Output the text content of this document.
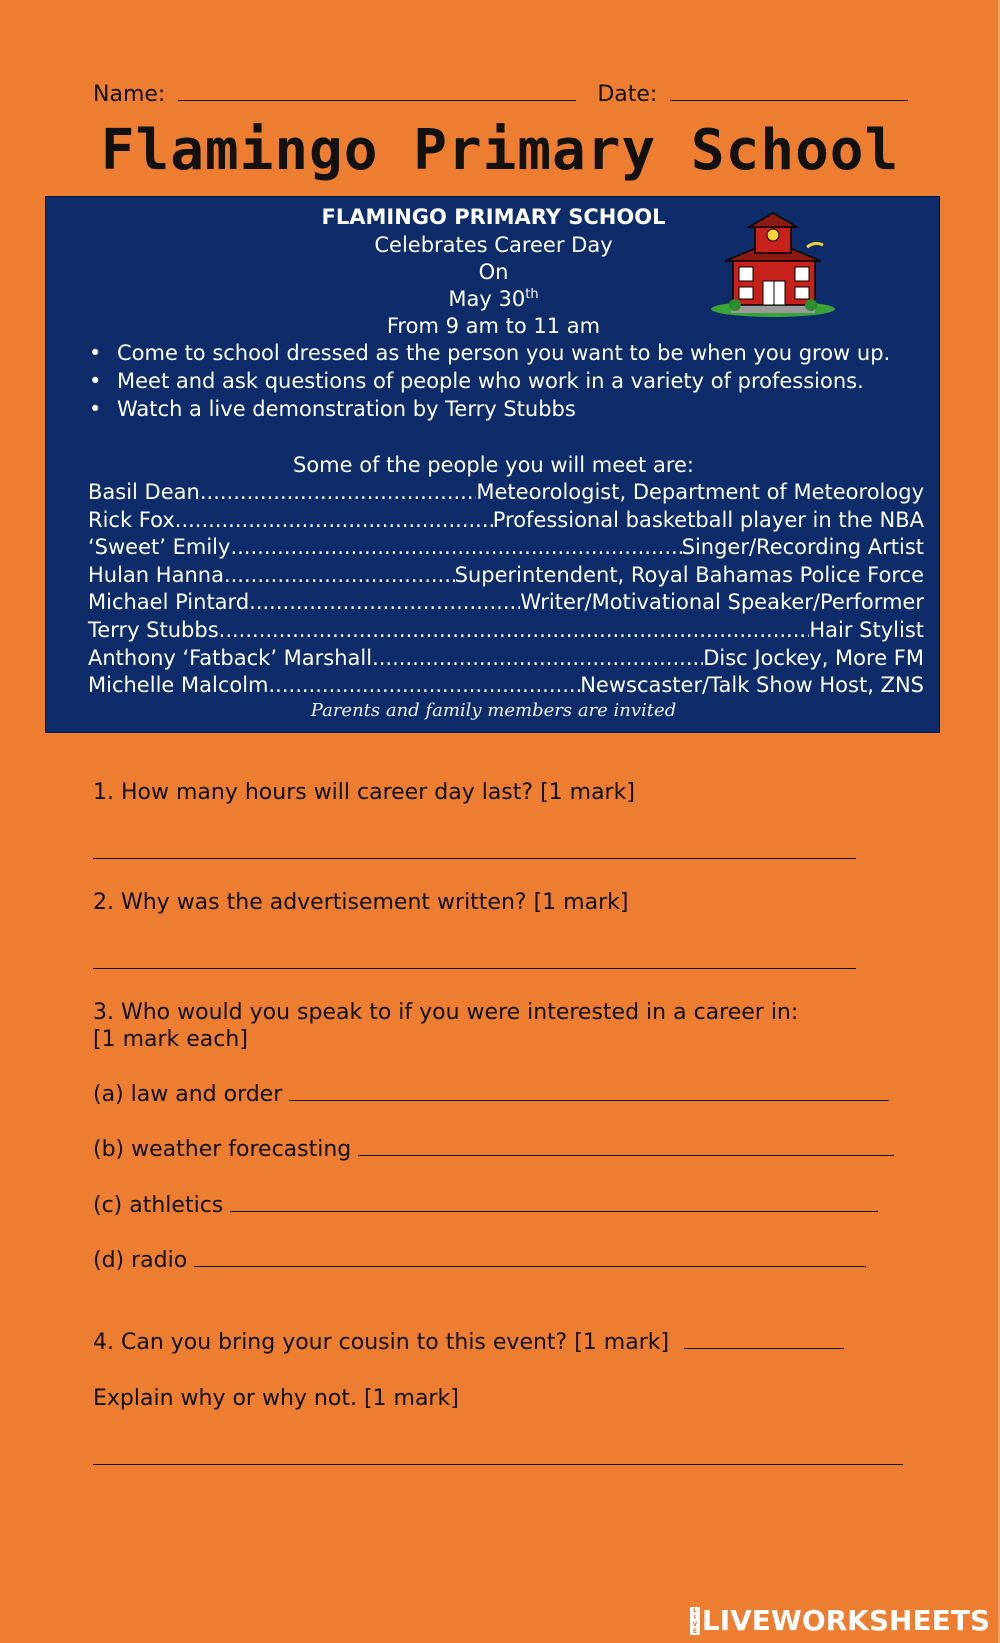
Name:	Date:
Flamingo Primary School
FLAMINGO PRIMARY SCHOOL
Celebrates Career Day
On
May 30th
From 9 am to 11 am
• Come to school dressed as the person you want to be when you grow up.
• Meet and ask questions of people who work in a variety of professions.
• Watch a live demonstration by Terry Stubbs
Some of the people you will meet are:
Basil Dean .....	Meteorologist, Department of Meteorology
Rick Fox .....	Professional basketball player in the NBA
‘Sweet’ Emily .....	Singer/Recording Artist
Hulan Hanna .....	Superintendent, Royal Bahamas Police Force
Michael Pintard .....	Writer/Motivational Speaker/Performer
Terry Stubbs .....	Hair Stylist
Anthony ‘Fatback’ Marshall .....	Disc Jockey, More FM
Michelle Malcolm .....	Newscaster/Talk Show Host, ZNS
Parents and family members are invited
1. How many hours will career day last? [1 mark]
2. Why was the advertisement written? [1 mark]
3. Who would you speak to if you were interested in a career in:
[1 mark each]
(a) law and order
(b) weather forecasting
(c) athletics
(d) radio
4. Can you bring your cousin to this event? [1 mark]
Explain why or why not. [1 mark]
L
I
V
E LIVEWORKSHEETS
